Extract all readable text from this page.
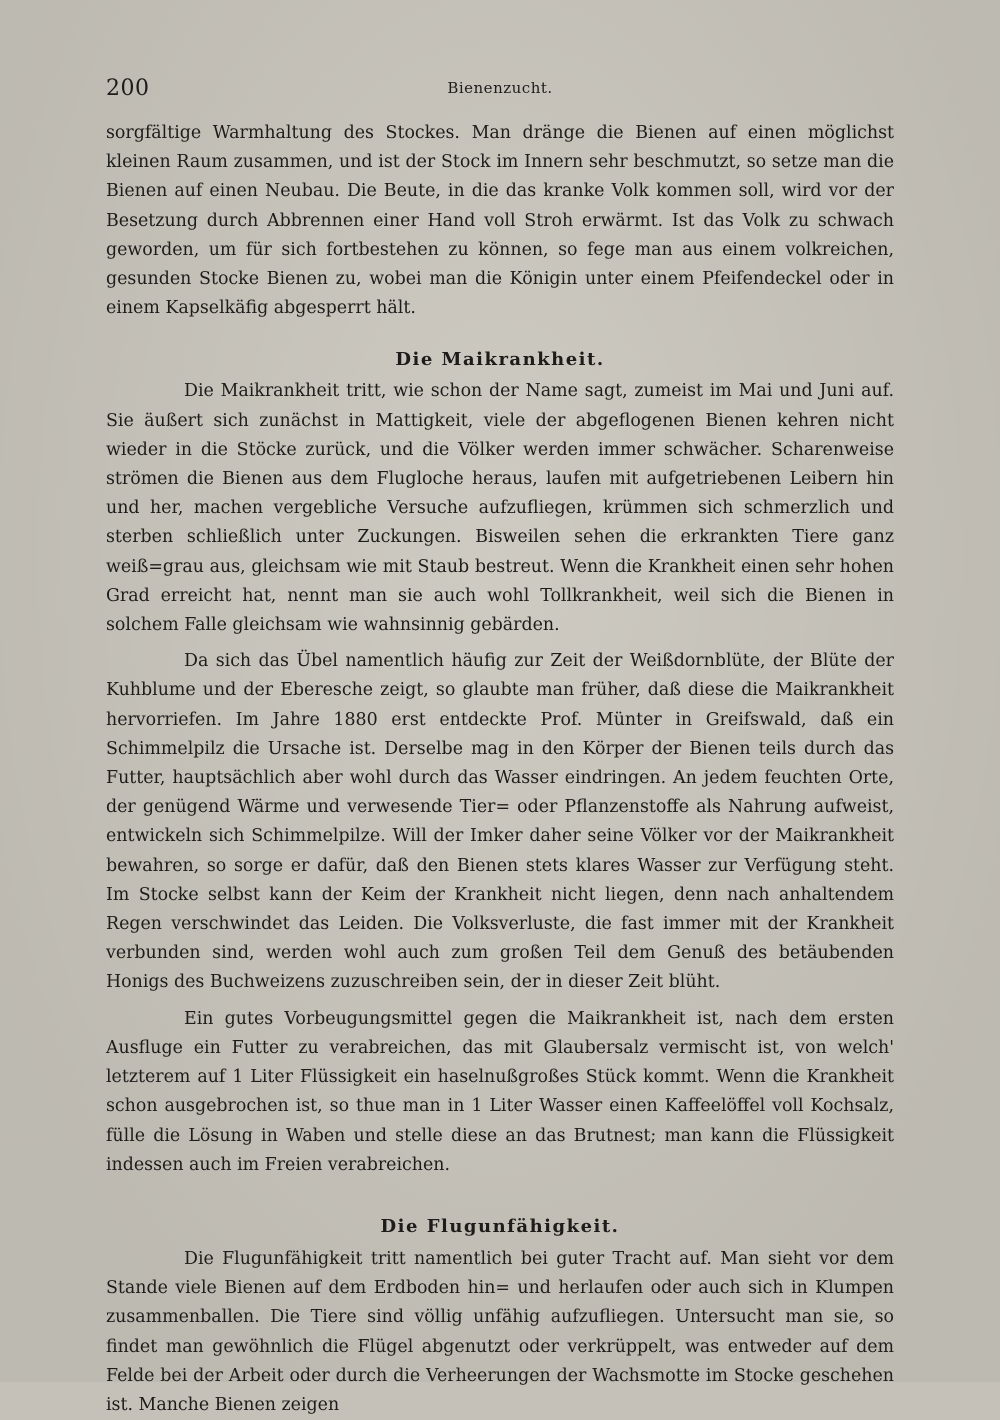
200	Bienenzucht.

sorgfältige Warmhaltung des Stockes. Man dränge die Bienen auf einen möglichst kleinen Raum zusammen, und ist der Stock im Innern sehr beschmutzt, so setze man die Bienen auf einen Neubau. Die Beute, in die das kranke Volk kommen soll, wird vor der Besetzung durch Abbrennen einer Hand voll Stroh erwärmt. Ist das Volk zu schwach geworden, um für sich fortbestehen zu können, so fege man aus einem volkreichen, gesunden Stocke Bienen zu, wobei man die Königin unter einem Pfeifendeckel oder in einem Kapselkäfig abgesperrt hält.

Die Maikrankheit.

Die Maikrankheit tritt, wie schon der Name sagt, zumeist im Mai und Juni auf. Sie äußert sich zunächst in Mattigkeit, viele der abgeflogenen Bienen kehren nicht wieder in die Stöcke zurück, und die Völker werden immer schwächer. Scharenweise strömen die Bienen aus dem Flugloche heraus, laufen mit aufgetriebenen Leibern hin und her, machen vergebliche Versuche aufzufliegen, krümmen sich schmerzlich und sterben schließlich unter Zuckungen. Bisweilen sehen die erkrankten Tiere ganz weiß=grau aus, gleichsam wie mit Staub bestreut. Wenn die Krankheit einen sehr hohen Grad erreicht hat, nennt man sie auch wohl Tollkrankheit, weil sich die Bienen in solchem Falle gleichsam wie wahnsinnig gebärden.

Da sich das Übel namentlich häufig zur Zeit der Weißdornblüte, der Blüte der Kuhblume und der Eberesche zeigt, so glaubte man früher, daß diese die Maikrankheit hervorriefen. Im Jahre 1880 erst entdeckte Prof. Münter in Greifswald, daß ein Schimmelpilz die Ursache ist. Derselbe mag in den Körper der Bienen teils durch das Futter, hauptsächlich aber wohl durch das Wasser eindringen. An jedem feuchten Orte, der genügend Wärme und verwesende Tier= oder Pflanzenstoffe als Nahrung aufweist, entwickeln sich Schimmelpilze. Will der Imker daher seine Völker vor der Maikrankheit bewahren, so sorge er dafür, daß den Bienen stets klares Wasser zur Verfügung steht. Im Stocke selbst kann der Keim der Krankheit nicht liegen, denn nach anhaltendem Regen verschwindet das Leiden. Die Volksverluste, die fast immer mit der Krankheit verbunden sind, werden wohl auch zum großen Teil dem Genuß des betäubenden Honigs des Buchweizens zuzuschreiben sein, der in dieser Zeit blüht.

Ein gutes Vorbeugungsmittel gegen die Maikrankheit ist, nach dem ersten Ausfluge ein Futter zu verabreichen, das mit Glaubersalz vermischt ist, von welch' letzterem auf 1 Liter Flüssigkeit ein haselnußgroßes Stück kommt. Wenn die Krankheit schon ausgebrochen ist, so thue man in 1 Liter Wasser einen Kaffeelöffel voll Kochsalz, fülle die Lösung in Waben und stelle diese an das Brutnest; man kann die Flüssigkeit indessen auch im Freien verabreichen.

Die Flugunfähigkeit.

Die Flugunfähigkeit tritt namentlich bei guter Tracht auf. Man sieht vor dem Stande viele Bienen auf dem Erdboden hin= und herlaufen oder auch sich in Klumpen zusammenballen. Die Tiere sind völlig unfähig aufzufliegen. Untersucht man sie, so findet man gewöhnlich die Flügel abgenutzt oder verkrüppelt, was entweder auf dem Felde bei der Arbeit oder durch die Verheerungen der Wachsmotte im Stocke geschehen ist. Manche Bienen zeigen
